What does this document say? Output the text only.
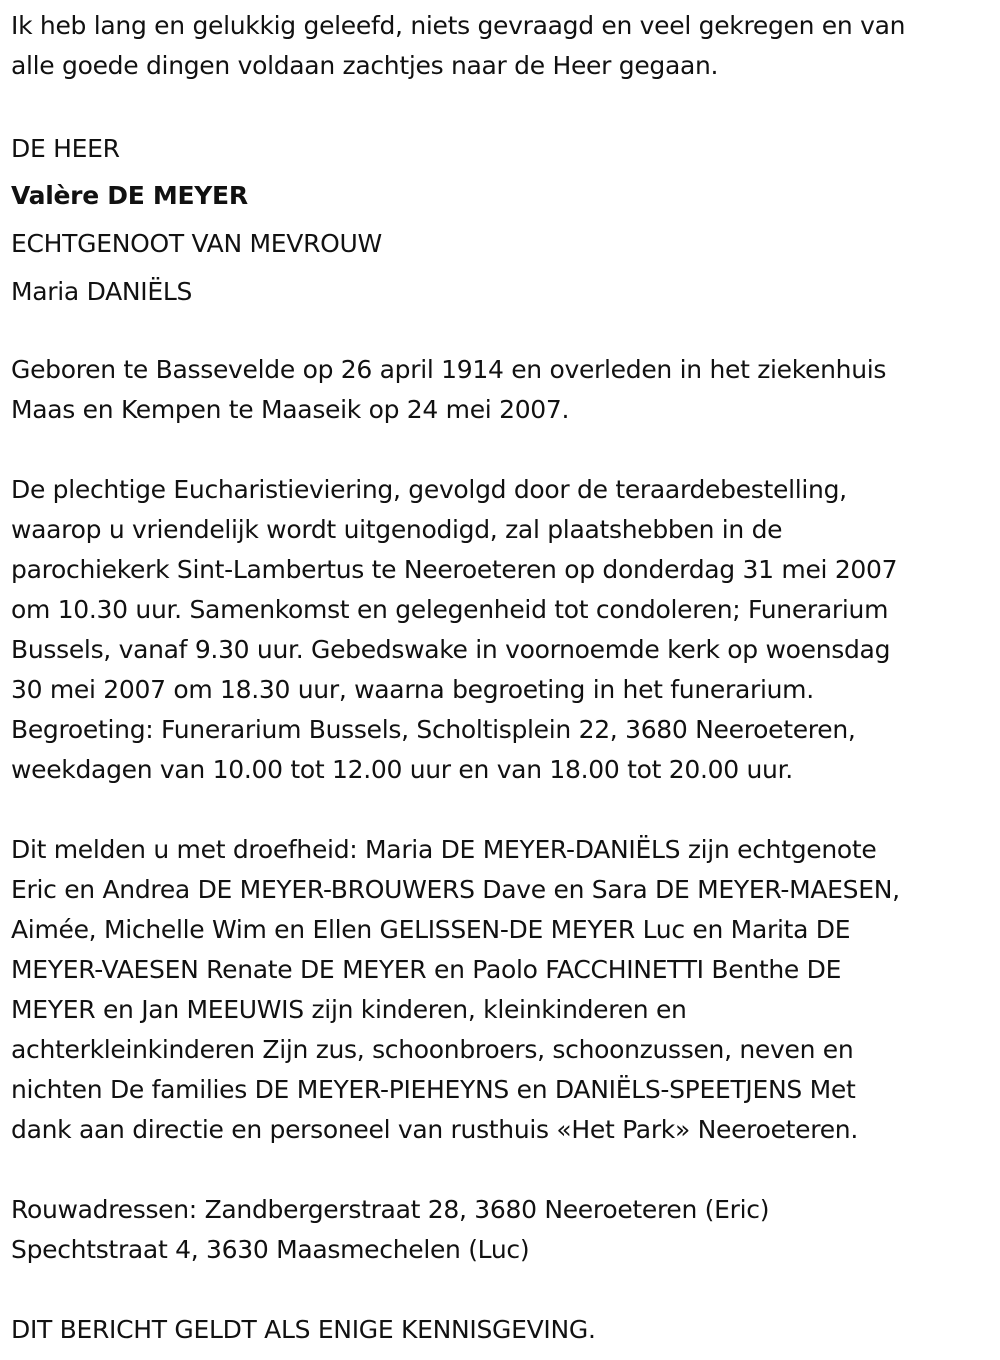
Ik heb lang en gelukkig geleefd, niets gevraagd en veel gekregen en van
alle goede dingen voldaan zachtjes naar de Heer gegaan.
DE HEER
Valère DE MEYER
ECHTGENOOT VAN MEVROUW
Maria DANIËLS
Geboren te Bassevelde op 26 april 1914 en overleden in het ziekenhuis
Maas en Kempen te Maaseik op 24 mei 2007.
De plechtige Eucharistieviering, gevolgd door de teraardebestelling,
waarop u vriendelijk wordt uitgenodigd, zal plaatshebben in de
parochiekerk Sint-Lambertus te Neeroeteren op donderdag 31 mei 2007
om 10.30 uur. Samenkomst en gelegenheid tot condoleren; Funerarium
Bussels, vanaf 9.30 uur. Gebedswake in voornoemde kerk op woensdag
30 mei 2007 om 18.30 uur, waarna begroeting in het funerarium.
Begroeting: Funerarium Bussels, Scholtisplein 22, 3680 Neeroeteren,
weekdagen van 10.00 tot 12.00 uur en van 18.00 tot 20.00 uur.
Dit melden u met droefheid: Maria DE MEYER-DANIËLS zijn echtgenote
Eric en Andrea DE MEYER-BROUWERS Dave en Sara DE MEYER-MAESEN,
Aimée, Michelle Wim en Ellen GELISSEN-DE MEYER Luc en Marita DE
MEYER-VAESEN Renate DE MEYER en Paolo FACCHINETTI Benthe DE
MEYER en Jan MEEUWIS zijn kinderen, kleinkinderen en
achterkleinkinderen Zijn zus, schoonbroers, schoonzussen, neven en
nichten De families DE MEYER-PIEHEYNS en DANIËLS-SPEETJENS Met
dank aan directie en personeel van rusthuis «Het Park» Neeroeteren.
Rouwadressen: Zandbergerstraat 28, 3680 Neeroeteren (Eric)
Spechtstraat 4, 3630 Maasmechelen (Luc)
DIT BERICHT GELDT ALS ENIGE KENNISGEVING.
